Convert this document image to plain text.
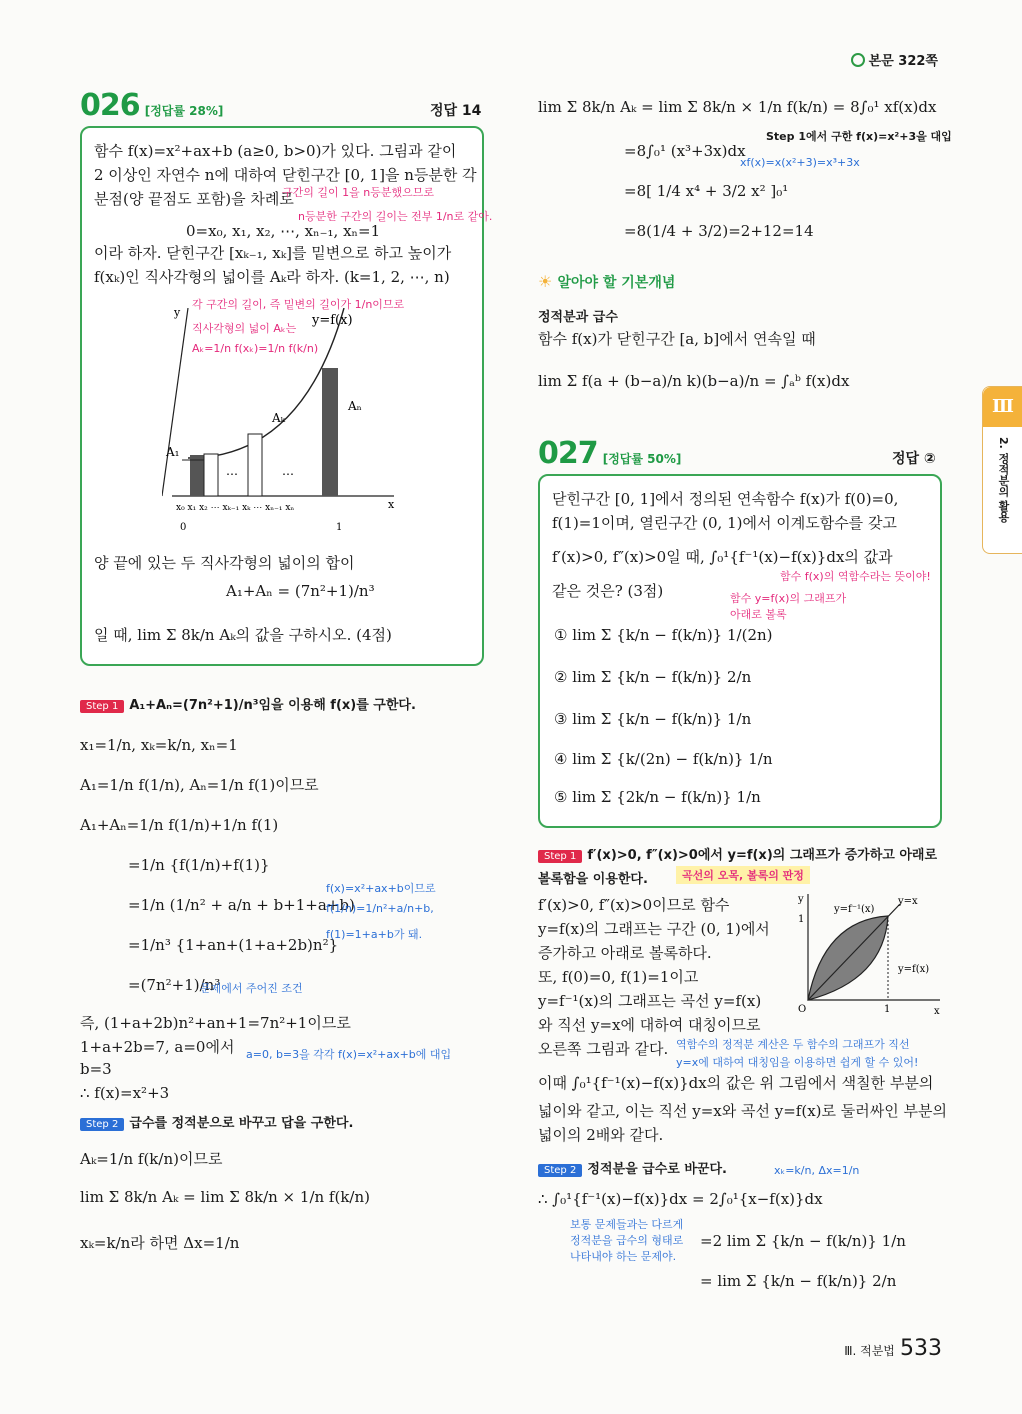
본문 322쪽
026 [정답률 28%]	정답 14
함수 f(x)=x²+ax+b (a≥0, b>0)가 있다. 그림과 같이
2 이상인 자연수 n에 대하여 닫힌구간 [0, 1]을 n등분한 각
분점(양 끝점도 포함)을 차례로
구간의 길이 1을 n등분했으므로
n등분한 구간의 길이는 전부 1/n로 같아.
0=x₀, x₁, x₂, ⋯, xₙ₋₁, xₙ=1
이라 하자. 닫힌구간 [xₖ₋₁, xₖ]를 밑변으로 하고 높이가
f(xₖ)인 직사각형의 넓이를 Aₖ라 하자. (k=1, 2, ⋯, n)
각 구간의 길이, 즉 밑변의 길이가 1/n이므로
직사각형의 넓이 Aₖ는
Aₖ=1/n f(xₖ)=1/n f(k/n)
y
x
y=f(x)
Aₙ
Aₖ
A₁
⋯	⋯
x₀ x₁ x₂ ⋯ xₖ₋₁ xₖ ⋯ xₙ₋₁ xₙ
0	1
양 끝에 있는 두 직사각형의 넓이의 합이
A₁+Aₙ = (7n²+1)/n³
일 때, lim Σ 8k/n Aₖ의 값을 구하시오. (4점)
Step 1 A₁+Aₙ=(7n²+1)/n³임을 이용해 f(x)를 구한다.
x₁=1/n, xₖ=k/n, xₙ=1
A₁=1/n f(1/n), Aₙ=1/n f(1)이므로
A₁+Aₙ=1/n f(1/n)+1/n f(1)
=1/n {f(1/n)+f(1)}
=1/n (1/n² + a/n + b+1+a+b)
=1/n³ {1+an+(1+a+2b)n²}
=(7n²+1)/n³
f(x)=x²+ax+b이므로
f(1/n)=1/n²+a/n+b,
f(1)=1+a+b가 돼.
문제에서 주어진 조건
즉, (1+a+2b)n²+an+1=7n²+1이므로
1+a+2b=7, a=0에서
b=3
∴ f(x)=x²+3
a=0, b=3을 각각 f(x)=x²+ax+b에 대입
Step 2 급수를 정적분으로 바꾸고 답을 구한다.
Aₖ=1/n f(k/n)이므로
lim Σ 8k/n Aₖ = lim Σ 8k/n × 1/n f(k/n)
xₖ=k/n라 하면 Δx=1/n
lim Σ 8k/n Aₖ = lim Σ 8k/n × 1/n f(k/n) = 8∫₀¹ xf(x)dx
Step 1에서 구한 f(x)=x²+3을 대입
=8∫₀¹ (x³+3x)dx
xf(x)=x(x²+3)=x³+3x
=8[ 1/4 x⁴ + 3/2 x² ]₀¹
=8(1/4 + 3/2)=2+12=14
☀ 알아야 할 기본개념
정적분과 급수
함수 f(x)가 닫힌구간 [a, b]에서 연속일 때
lim Σ f(a + (b−a)/n k)(b−a)/n = ∫ₐᵇ f(x)dx
027 [정답률 50%]	정답 ②
닫힌구간 [0, 1]에서 정의된 연속함수 f(x)가 f(0)=0,
f(1)=1이며, 열린구간 (0, 1)에서 이계도함수를 갖고
f′(x)>0, f″(x)>0일 때, ∫₀¹{f⁻¹(x)−f(x)}dx의 값과
함수 f(x)의 역함수라는 뜻이야!
같은 것은? (3점)	함수 y=f(x)의 그래프가
아래로 볼록
① lim Σ {k/n − f(k/n)} 1/(2n)
② lim Σ {k/n − f(k/n)} 2/n
③ lim Σ {k/n − f(k/n)} 1/n
④ lim Σ {k/(2n) − f(k/n)} 1/n
⑤ lim Σ {2k/n − f(k/n)} 1/n
Step 1 f′(x)>0, f″(x)>0에서 y=f(x)의 그래프가 증가하고 아래로
볼록함을 이용한다.	곡선의 오목, 볼록의 판정
f′(x)>0, f″(x)>0이므로 함수
y=f(x)의 그래프는 구간 (0, 1)에서
증가하고 아래로 볼록하다.
또, f(0)=0, f(1)=1이고
y=f⁻¹(x)의 그래프는 곡선 y=f(x)
와 직선 y=x에 대하여 대칭이므로
오른쪽 그림과 같다. 역함수의 정적분 계산은 두 함수의 그래프가 직선
y=x에 대하여 대칭임을 이용하면 쉽게 할 수 있어!
y
x
O	1
1
y=f⁻¹(x)
y=x
y=f(x)
이때 ∫₀¹{f⁻¹(x)−f(x)}dx의 값은 위 그림에서 색칠한 부분의
넓이와 같고, 이는 직선 y=x와 곡선 y=f(x)로 둘러싸인 부분의
넓이의 2배와 같다.
Step 2 정적분을 급수로 바꾼다.	xₖ=k/n, Δx=1/n
∴ ∫₀¹{f⁻¹(x)−f(x)}dx = 2∫₀¹{x−f(x)}dx
=2 lim Σ {k/n − f(k/n)} 1/n
= lim Σ {k/n − f(k/n)} 2/n
보통 문제들과는 다르게
정적분을 급수의 형태로
나타내야 하는 문제야.
Ⅲ
2. 정적분의 활용
Ⅲ. 적분법 533
